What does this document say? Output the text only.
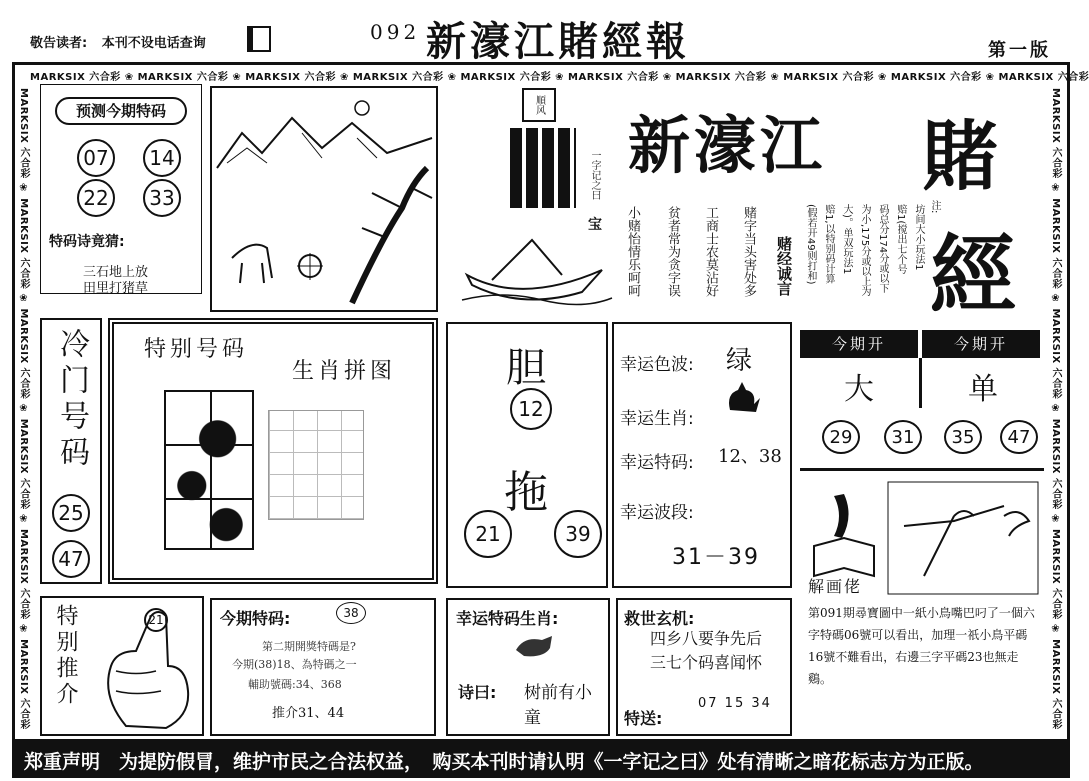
敬告读者: 本刊不设电话查询	092 新濠江賭經報	第一版
MARKSIX 六合彩 ❀ MARKSIX 六合彩 ❀ MARKSIX 六合彩 ❀ MARKSIX 六合彩 ❀ MARKSIX 六合彩 ❀ MARKSIX 六合彩 ❀ MARKSIX 六合彩 ❀ MARKSIX 六合彩 ❀ MARKSIX 六合彩 ❀ MARKSIX 六合彩
MARKSIX 六合彩 ❀ MARKSIX 六合彩 ❀ MARKSIX 六合彩 ❀ MARKSIX 六合彩 ❀ MARKSIX 六合彩 ❀ MARKSIX 六合彩
MARKSIX 六合彩 ❀ MARKSIX 六合彩 ❀ MARKSIX 六合彩 ❀ MARKSIX 六合彩 ❀ MARKSIX 六合彩 ❀ MARKSIX 六合彩
预测今期特码
07	14
22	33
特码诗竟猜:
三石地上放
田里打猪草
順风
一字记之曰
宝
新濠江 賭
經
小赌怡情乐呵呵 贫者常为贪字误 工商士农莫沾好 赌字当头害处多 赌经诚言 (假若开49则打和) 赔1,以特别码计算 大)。单双玩法1 为小,175分或以上为 码总分174分或以下 赔1(搅出七个号 坊间大小玩法1 注:
冷门号码
25
47
特别号码
生肖拼图	胆
12
拖
21	39
幸运色波: 绿
幸运生肖:
幸运特码: 12、38
幸运波段:
31－39
今期开	今期开
大	单
29	31	35	47
解画佬
第091期尋寶圖中一紙小鳥嘴巴叼了一個六字特碼06號可以看出，加理一祇小鳥平碼16號不難看出，右邊三字平碼23也無走鷄。
特别推介	21	今期特码:	38
第二期開獎特碼是?
今期(38)18、為特碼之一
輔助號碼:34、368
推介31、44
幸运特码生肖:
诗曰: 树前有小童
救世玄机:
四乡八要争先后
三七个码喜闻怀
特送:
07 15 34
郑重声明　为提防假冒，维护市民之合法权益，　购买本刊时请认明《一字记之曰》处有清晰之暗花标志方为正版。
